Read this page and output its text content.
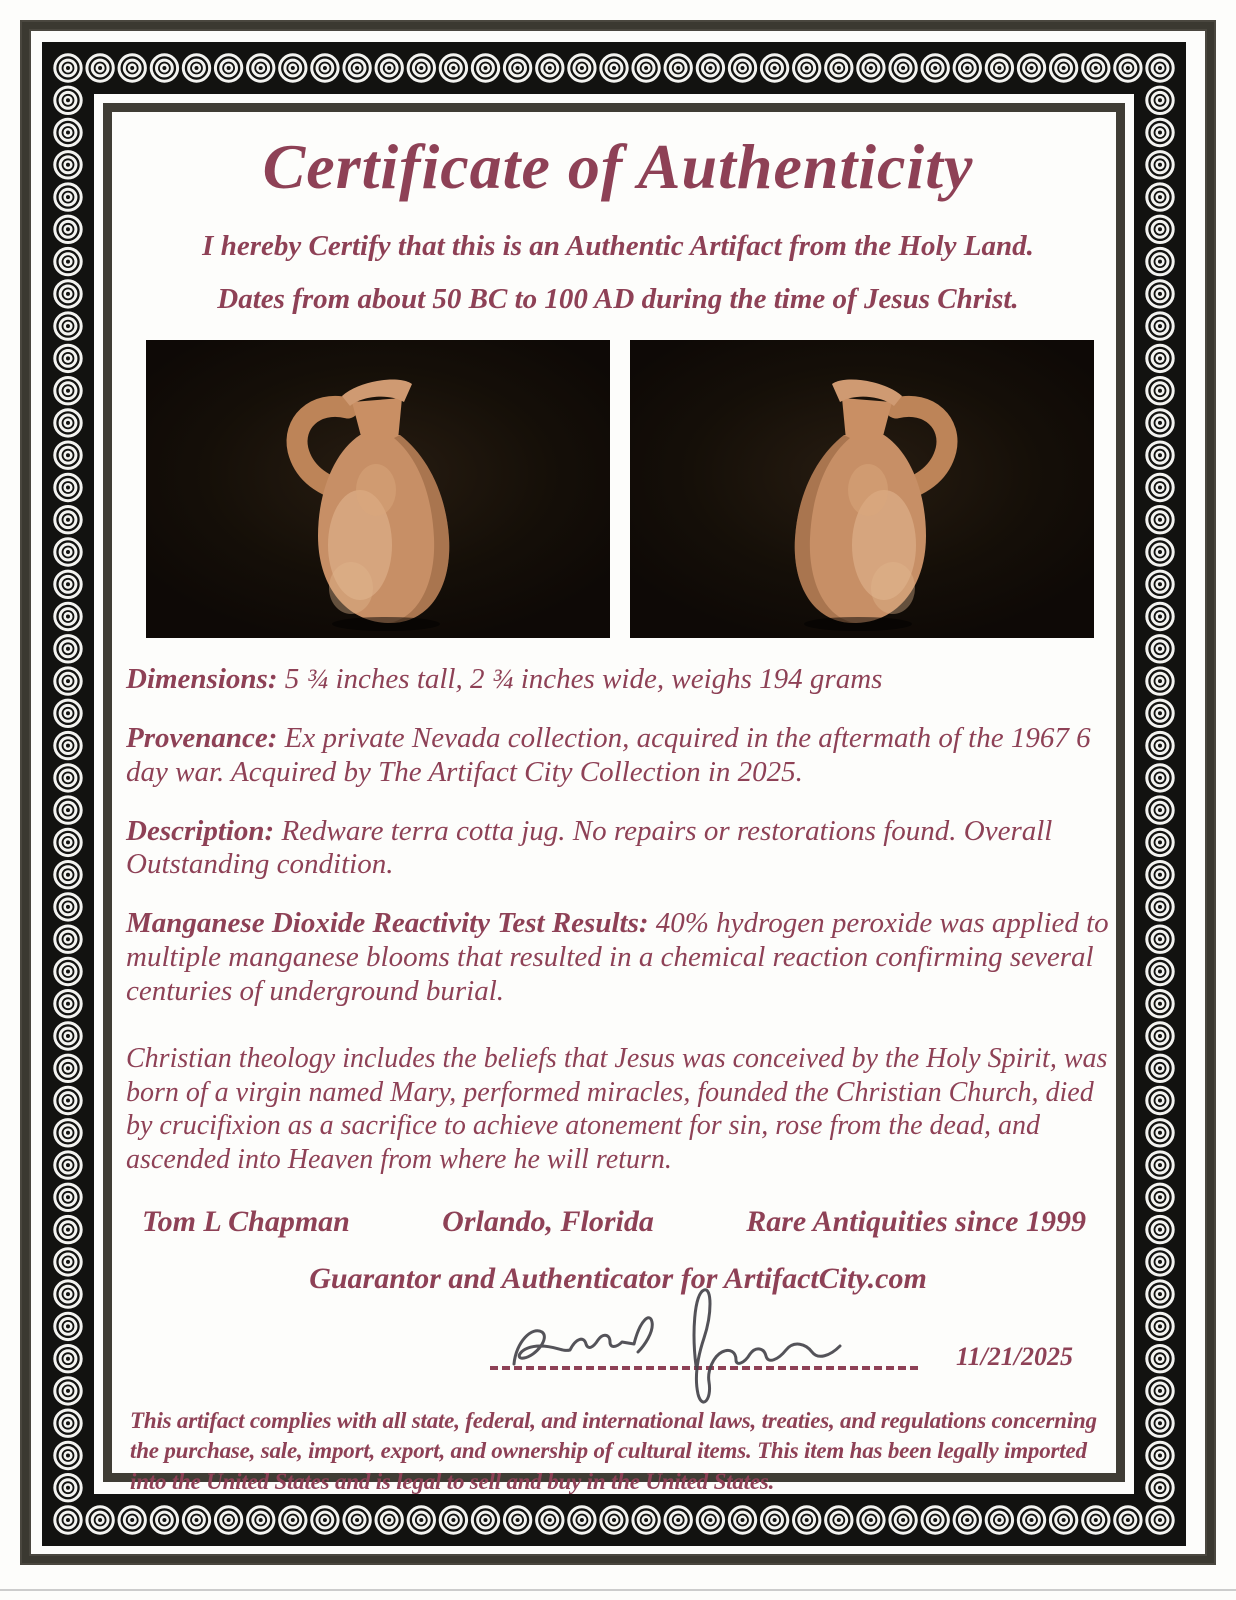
Certificate of Authenticity

I hereby Certify that this is an Authentic Artifact from the Holy Land.

Dates from about 50 BC to 100 AD during the time of Jesus Christ.

Dimensions: 5 ¾ inches tall, 2 ¾ inches wide, weighs 194 grams

Provenance: Ex private Nevada collection, acquired in the aftermath of the 1967 6 day war. Acquired by The Artifact City Collection in 2025.

Description: Redware terra cotta jug. No repairs or restorations found. Overall Outstanding condition.

Manganese Dioxide Reactivity Test Results: 40% hydrogen peroxide was applied to multiple manganese blooms that resulted in a chemical reaction confirming several centuries of underground burial.

Christian theology includes the beliefs that Jesus was conceived by the Holy Spirit, was born of a virgin named Mary, performed miracles, founded the Christian Church, died by crucifixion as a sacrifice to achieve atonement for sin, rose from the dead, and ascended into Heaven from where he will return.

Tom L Chapman	Orlando, Florida	Rare Antiquities since 1999

Guarantor and Authenticator for ArtifactCity.com

11/21/2025

This artifact complies with all state, federal, and international laws, treaties, and regulations concerning the purchase, sale, import, export, and ownership of cultural items. This item has been legally imported into the United States and is legal to sell and buy in the United States.
